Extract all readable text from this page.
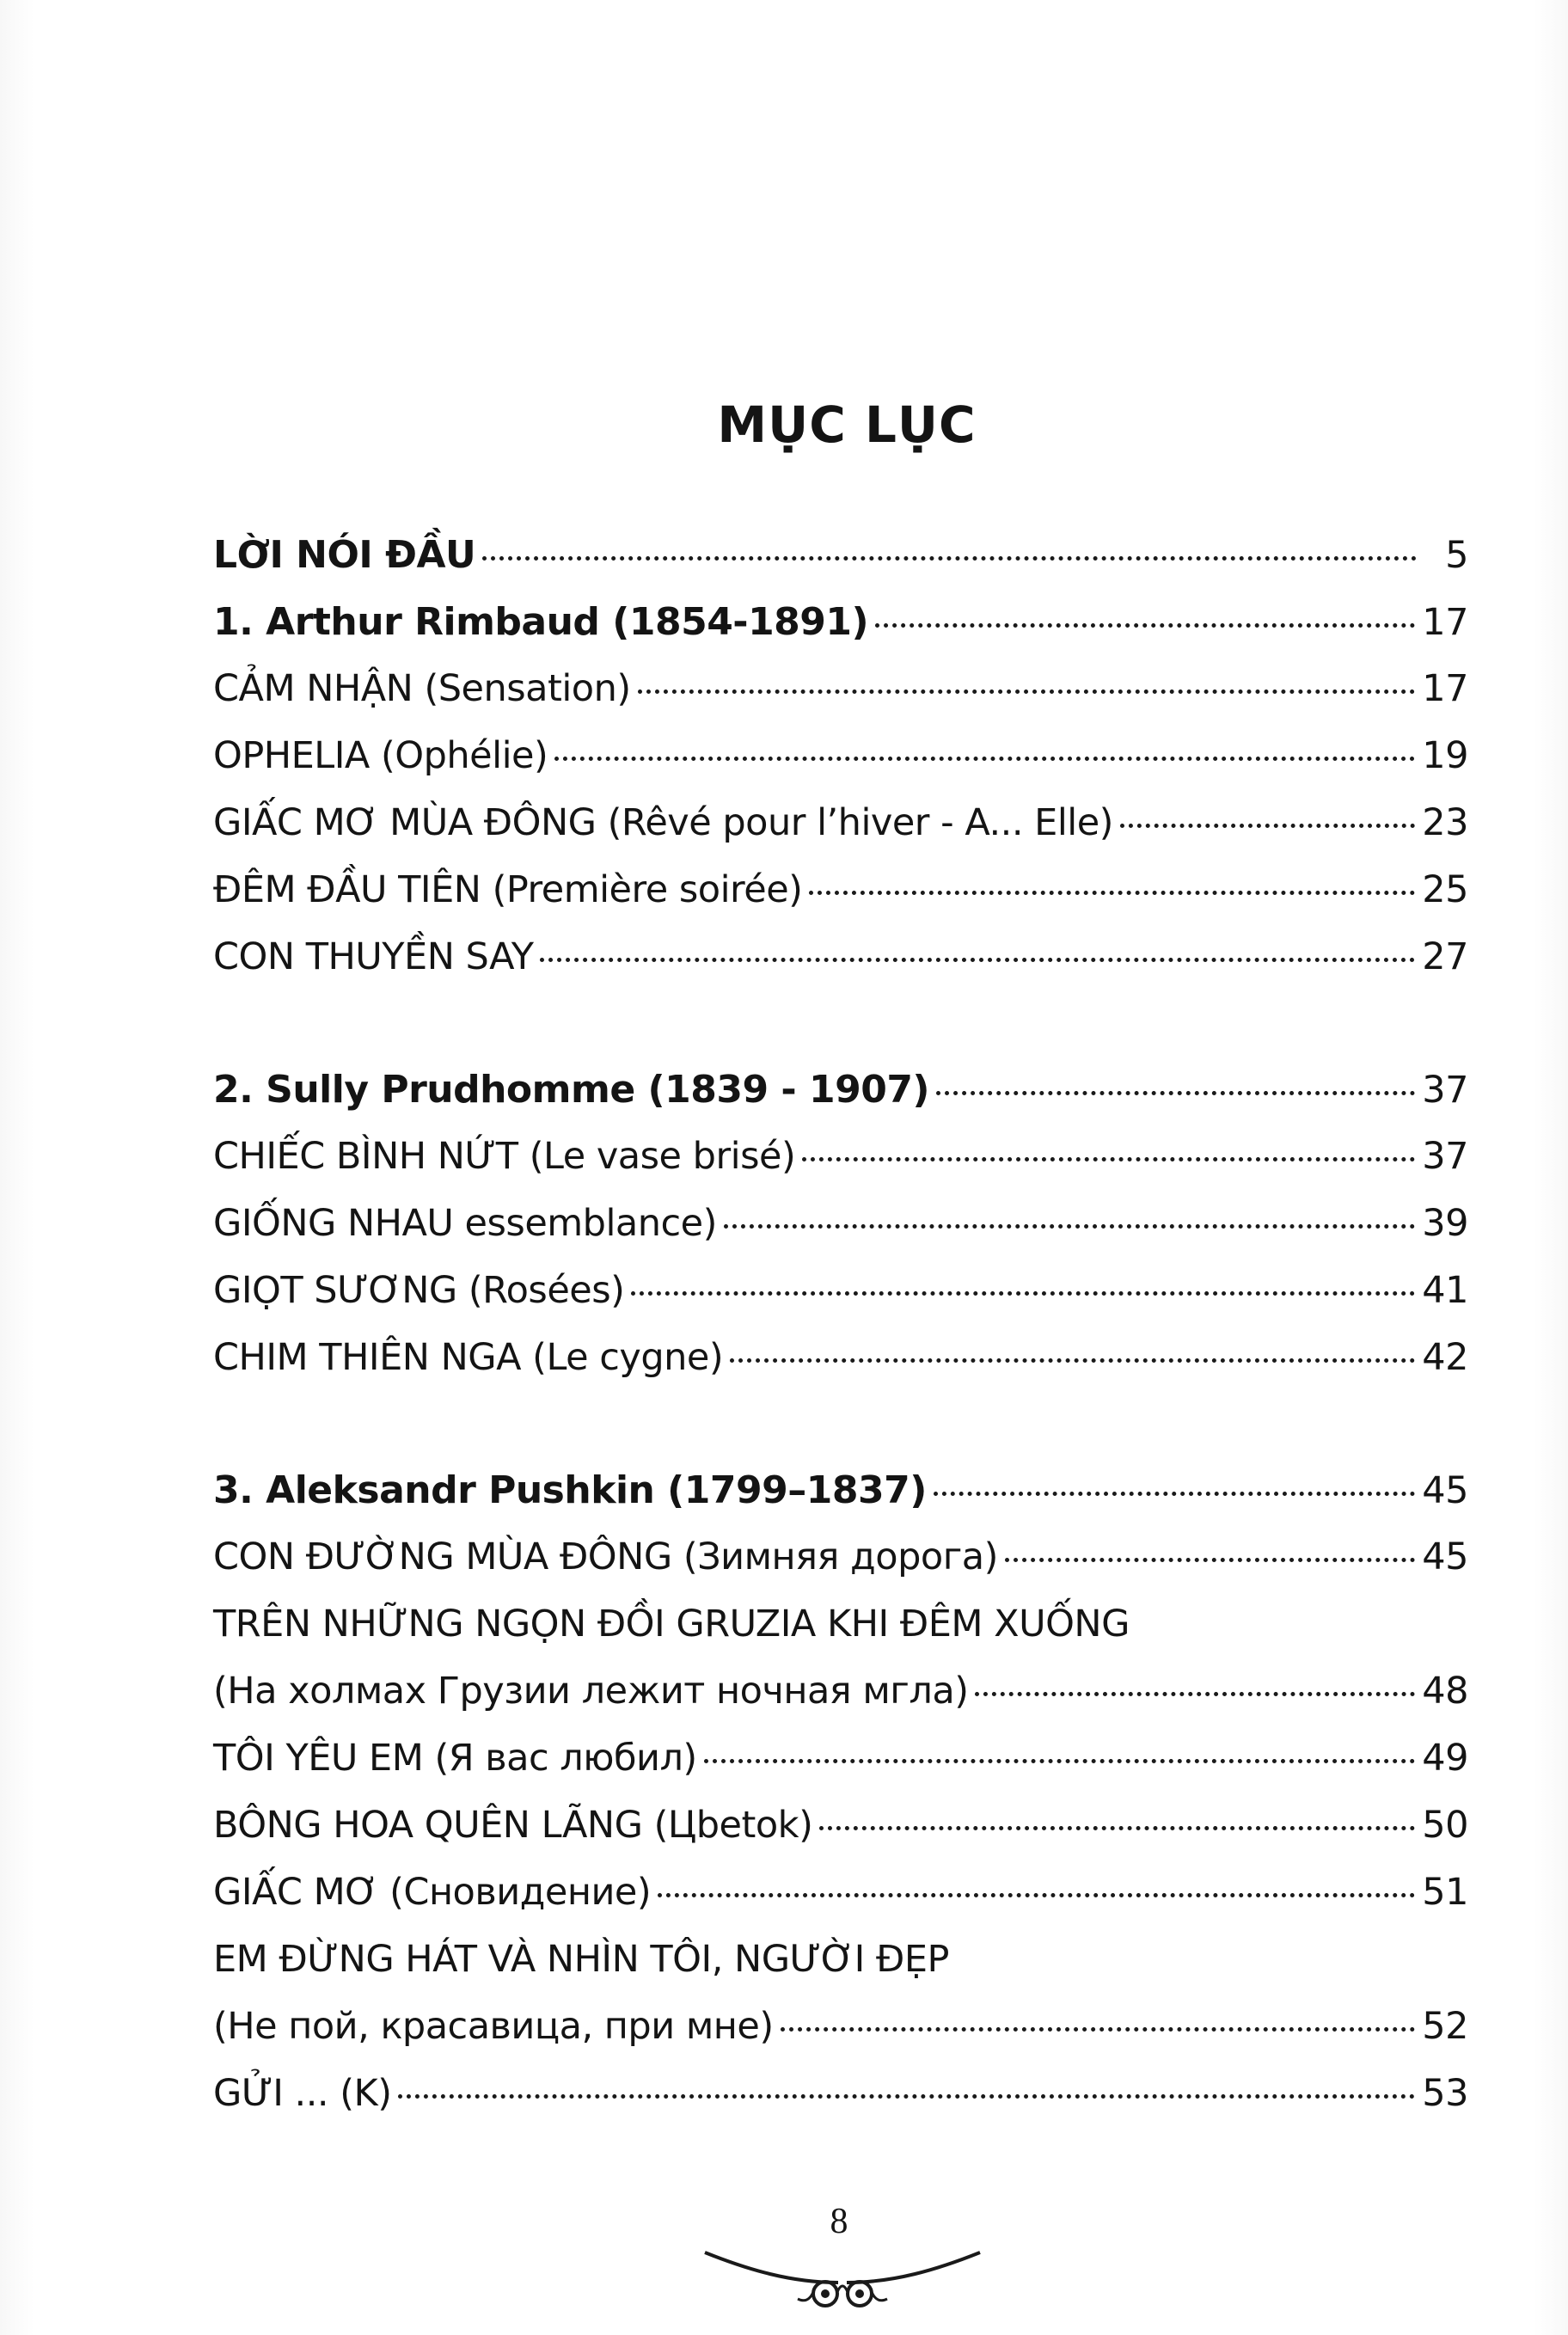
MỤC LỤC
LỜI NÓI ĐẦU	5
1. Arthur Rimbaud (1854-1891)	17
CẢM NHẬN (Sensation)	17
OPHELIA (Ophélie)	19
GIẤC MƠ MÙA ĐÔNG (Rêvé pour l’hiver - A... Elle)	23
ĐÊM ĐẦU TIÊN (Première soirée)	25
CON THUYỀN SAY	27
2. Sully Prudhomme (1839 - 1907)	37
CHIẾC BÌNH NỨT (Le vase brisé)	37
GIỐNG NHAU essemblance)	39
GIỌT SƯƠNG (Rosées)	41
CHIM THIÊN NGA (Le cygne)	42
3. Aleksandr Pushkin (1799–1837)	45
CON ĐƯỜNG MÙA ĐÔNG (Зимняя дорога)	45
TRÊN NHỮNG NGỌN ĐỒI GRUZIA KHI ĐÊM XUỐNG
(На холмах Грузии лежит ночная мгла)	48
TÔI YÊU EM (Я вас любил)	49
BÔNG HOA QUÊN LÃNG (Цbetok)	50
GIẤC MƠ (Сновидение)	51
EM ĐỪNG HÁT VÀ NHÌN TÔI, NGƯỜI ĐẸP
(Не пой, красавица, при мне)	52
GỬI ... (K)	53
8
